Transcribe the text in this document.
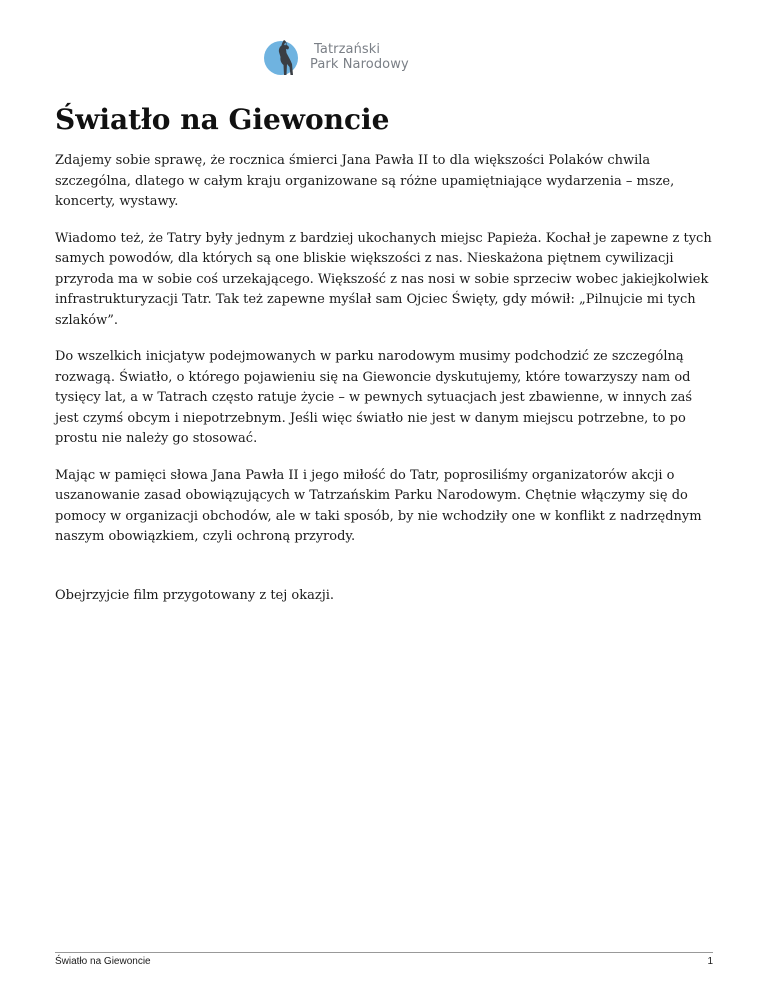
Tatrzański
Park Narodowy
Światło na Giewoncie

Zdajemy sobie sprawę, że rocznica śmierci Jana Pawła II to dla większości Polaków chwila szczególna, dlatego w całym kraju organizowane są różne upamiętniające wydarzenia – msze, koncerty, wystawy.

Wiadomo też, że Tatry były jednym z bardziej ukochanych miejsc Papieża. Kochał je zapewne z tych samych powodów, dla których są one bliskie większości z nas. Nieskażona piętnem cywilizacji przyroda ma w sobie coś urzekającego. Większość z nas nosi w sobie sprzeciw wobec jakiejkolwiek infrastrukturyzacji Tatr. Tak też zapewne myślał sam Ojciec Święty, gdy mówił: „Pilnujcie mi tych szlaków”.

Do wszelkich inicjatyw podejmowanych w parku narodowym musimy podchodzić ze szczególną rozwagą. Światło, o którego pojawieniu się na Giewoncie dyskutujemy, które towarzyszy nam od tysięcy lat, a w Tatrach często ratuje życie – w pewnych sytuacjach jest zbawienne, w innych zaś jest czymś obcym i niepotrzebnym. Jeśli więc światło nie jest w danym miejscu potrzebne, to po prostu nie należy go stosować.

Mając w pamięci słowa Jana Pawła II i jego miłość do Tatr, poprosiliśmy organizatorów akcji o uszanowanie zasad obowiązujących w Tatrzańskim Parku Narodowym. Chętnie włączymy się do pomocy w organizacji obchodów, ale w taki sposób, by nie wchodziły one w konflikt z nadrzędnym naszym obowiązkiem, czyli ochroną przyrody.

Obejrzyjcie film przygotowany z tej okazji.

Światło na Giewoncie	1
